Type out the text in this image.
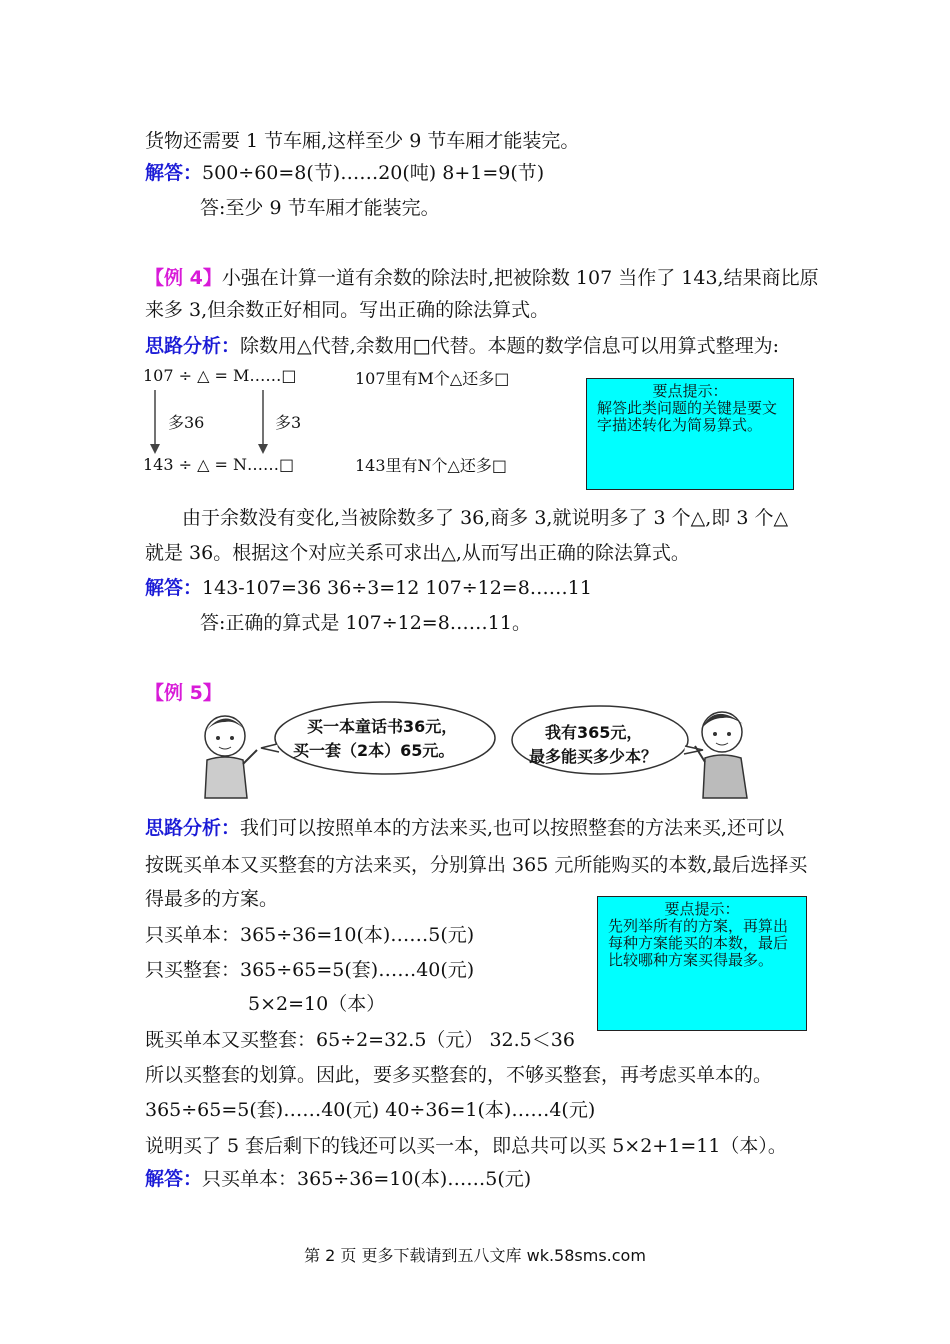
货物还需要 1 节车厢,这样至少 9 节车厢才能装完。
解答：500÷60=8(节)……20(吨) 8+1=9(节)
答:至少 9 节车厢才能装完。
【例 4】小强在计算一道有余数的除法时,把被除数 107 当作了 143,结果商比原
来多 3,但余数正好相同。写出正确的除法算式。
思路分析：除数用△代替,余数用□代替。本题的数学信息可以用算式整理为:
107 ÷ △ = M……□	107里有M个△还多□
多36	多3
143 ÷ △ = N……□	143里有N个△还多□
要点提示：
解答此类问题的关键是要文字描述转化为简易算式。
由于余数没有变化,当被除数多了 36,商多 3,就说明多了 3 个△,即 3 个△
就是 36。根据这个对应关系可求出△,从而写出正确的除法算式。
解答：143-107=36 36÷3=12 107÷12=8……11
答:正确的算式是 107÷12=8……11。
【例 5】
买一本童话书36元，
买一套（2本）65元。
我有365元，
最多能买多少本？
思路分析：我们可以按照单本的方法来买,也可以按照整套的方法来买,还可以
按既买单本又买整套的方法来买，分别算出 365 元所能购买的本数,最后选择买
得最多的方案。	要点提示：
先列举所有的方案，再算出每种方案能买的本数，最后比较哪种方案买得最多。
只买单本：365÷36=10(本)……5(元)
只买整套：365÷65=5(套)……40(元)
5×2=10（本）
既买单本又买整套：65÷2=32.5（元） 32.5＜36
所以买整套的划算。因此，要多买整套的，不够买整套，再考虑买单本的。
365÷65=5(套)……40(元) 40÷36=1(本)……4(元)
说明买了 5 套后剩下的钱还可以买一本，即总共可以买 5×2+1=11（本）。
解答：只买单本：365÷36=10(本)……5(元)
第 2 页 更多下载请到五八文库 wk.58sms.com
